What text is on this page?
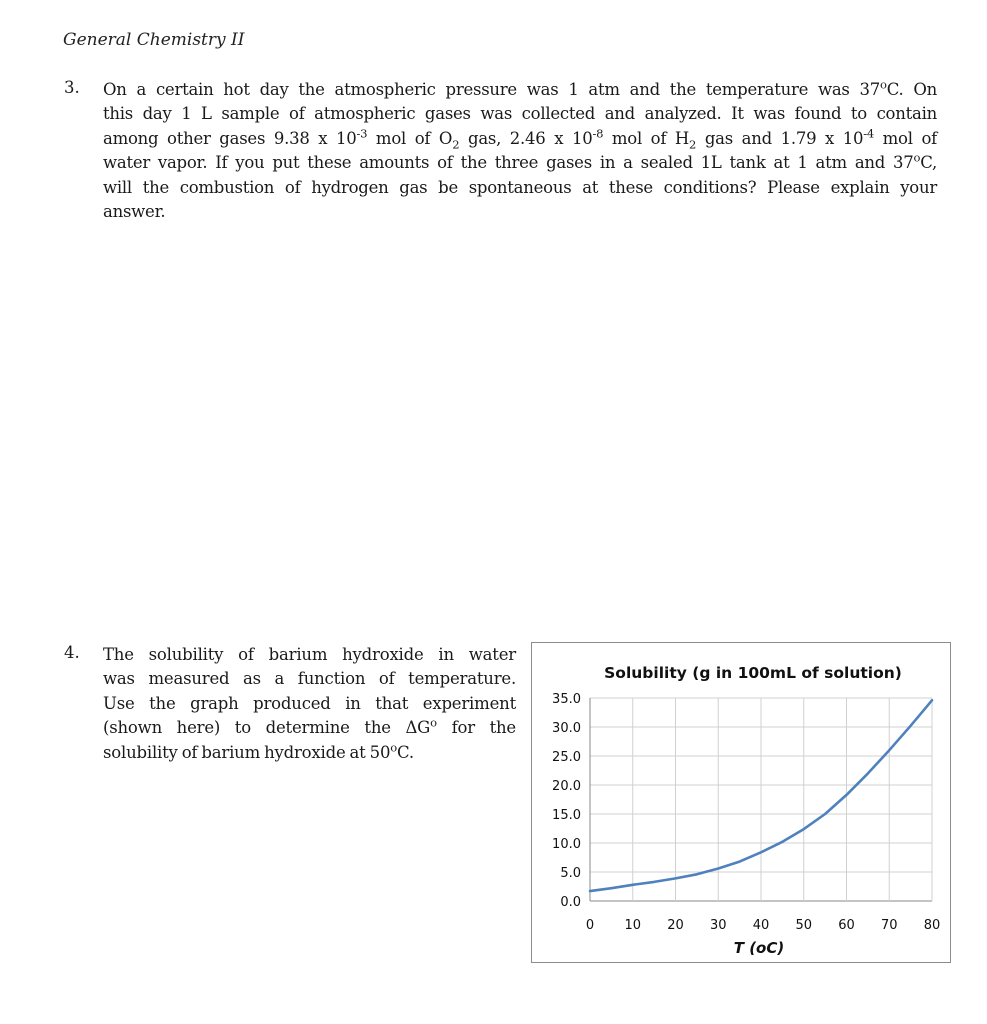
General Chemistry II
3. On a certain hot day the atmospheric pressure was 1 atm and the temperature was 37$^o$C. On
this day 1 L sample of atmospheric gases was collected and analyzed. It was found to contain
among other gases 9.38 x $10^{-3}$ mol of $O_2$ gas, 2.46 x $10^{-8}$ mol of $H_2$ gas and 1.79 x $10^{-4}$ mol of
water vapor. If you put these amounts of the three gases in a sealed 1L tank at 1 atm and 37$^o$C,
will the combustion of hydrogen gas be spontaneous at these conditions? Please explain your
answer.
4. The solubility of barium hydroxide in water
was measured as a function of temperature.
Use the graph produced in that experiment
(shown here) to determine the $\Delta G^o$ for the
solubility of barium hydroxide at 50$^o$C.
Solubility (g in 100mL of solution)
0.0
5.0
10.0
15.0
20.0
25.0
30.0
35.0
0 10 20 30 40 50 60 70 80
T (oC)
